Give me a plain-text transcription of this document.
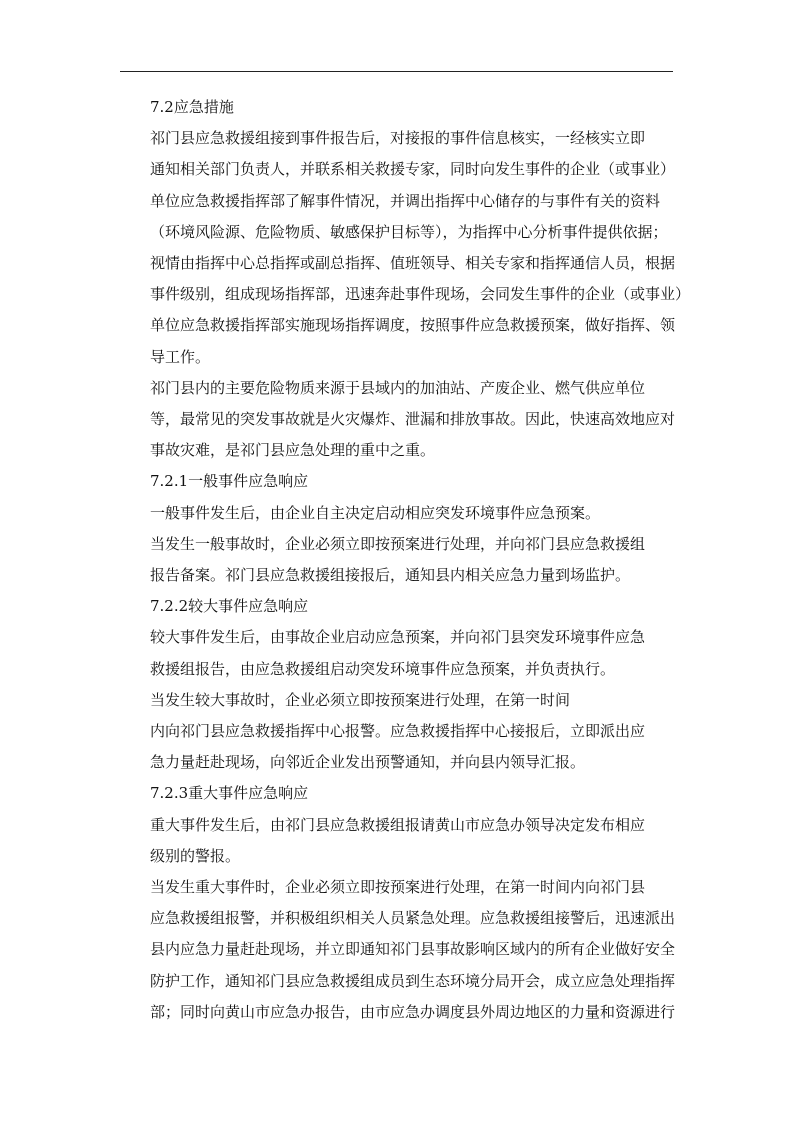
7.2应急措施

祁门县应急救援组接到事件报告后，对接报的事件信息核实，一经核实立即
通知相关部门负责人，并联系相关救援专家，同时向发生事件的企业（或事业）
单位应急救援指挥部了解事件情况，并调出指挥中心储存的与事件有关的资料
（环境风险源、危险物质、敏感保护目标等），为指挥中心分析事件提供依据；
视情由指挥中心总指挥或副总指挥、值班领导、相关专家和指挥通信人员，根据
事件级别，组成现场指挥部，迅速奔赴事件现场，会同发生事件的企业（或事业）
单位应急救援指挥部实施现场指挥调度，按照事件应急救援预案，做好指挥、领
导工作。

祁门县内的主要危险物质来源于县域内的加油站、产废企业、燃气供应单位
等，最常见的突发事故就是火灾爆炸、泄漏和排放事故。因此，快速高效地应对
事故灾难，是祁门县应急处理的重中之重。

7.2.1一般事件应急响应

一般事件发生后，由企业自主决定启动相应突发环境事件应急预案。

当发生一般事故时，企业必须立即按预案进行处理，并向祁门县应急救援组
报告备案。祁门县应急救援组接报后，通知县内相关应急力量到场监护。

7.2.2较大事件应急响应

较大事件发生后，由事故企业启动应急预案，并向祁门县突发环境事件应急
救援组报告，由应急救援组启动突发环境事件应急预案，并负责执行。

当发生较大事故时，企业必须立即按预案进行处理，在第一时间

内向祁门县应急救援指挥中心报警。应急救援指挥中心接报后，立即派出应
急力量赶赴现场，向邻近企业发出预警通知，并向县内领导汇报。

7.2.3重大事件应急响应

重大事件发生后，由祁门县应急救援组报请黄山市应急办领导决定发布相应
级别的警报。

当发生重大事件时，企业必须立即按预案进行处理，在第一时间内向祁门县
应急救援组报警，并积极组织相关人员紧急处理。应急救援组接警后，迅速派出
县内应急力量赶赴现场，并立即通知祁门县事故影响区域内的所有企业做好安全
防护工作，通知祁门县应急救援组成员到生态环境分局开会，成立应急处理指挥
部；同时向黄山市应急办报告，由市应急办调度县外周边地区的力量和资源进行
